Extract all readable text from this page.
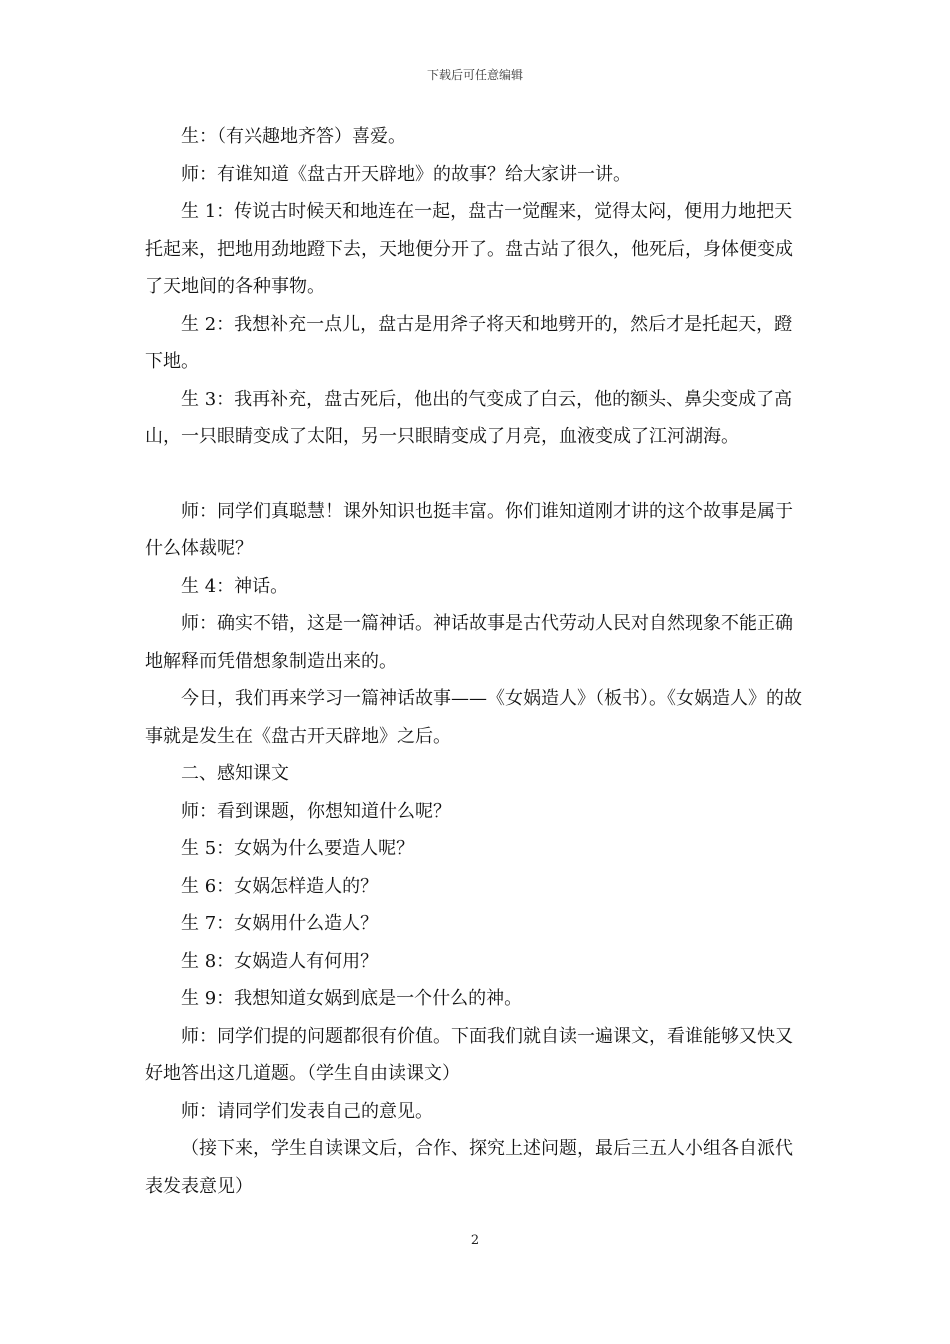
下载后可任意编辑

生：（有兴趣地齐答）喜爱。

师：有谁知道《盘古开天辟地》的故事？给大家讲一讲。

生 1：传说古时候天和地连在一起，盘古一觉醒来，觉得太闷，便用力地把天托起来，把地用劲地蹬下去，天地便分开了。盘古站了很久，他死后，身体便变成了天地间的各种事物。

生 2：我想补充一点儿，盘古是用斧子将天和地劈开的，然后才是托起天，蹬下地。

生 3：我再补充，盘古死后，他出的气变成了白云，他的额头、鼻尖变成了高山，一只眼睛变成了太阳，另一只眼睛变成了月亮，血液变成了江河湖海。

师：同学们真聪慧！课外知识也挺丰富。你们谁知道刚才讲的这个故事是属于什么体裁呢？

生 4：神话。

师：确实不错，这是一篇神话。神话故事是古代劳动人民对自然现象不能正确地解释而凭借想象制造出来的。

今日，我们再来学习一篇神话故事——《女娲造人》（板书）。《女娲造人》的故事就是发生在《盘古开天辟地》之后。

二、感知课文

师：看到课题，你想知道什么呢？

生 5：女娲为什么要造人呢？

生 6：女娲怎样造人的？

生 7：女娲用什么造人？

生 8：女娲造人有何用？

生 9：我想知道女娲到底是一个什么的神。

师：同学们提的问题都很有价值。下面我们就自读一遍课文，看谁能够又快又好地答出这几道题。（学生自由读课文）

师：请同学们发表自己的意见。

（接下来，学生自读课文后，合作、探究上述问题，最后三五人小组各自派代表发表意见）

2
